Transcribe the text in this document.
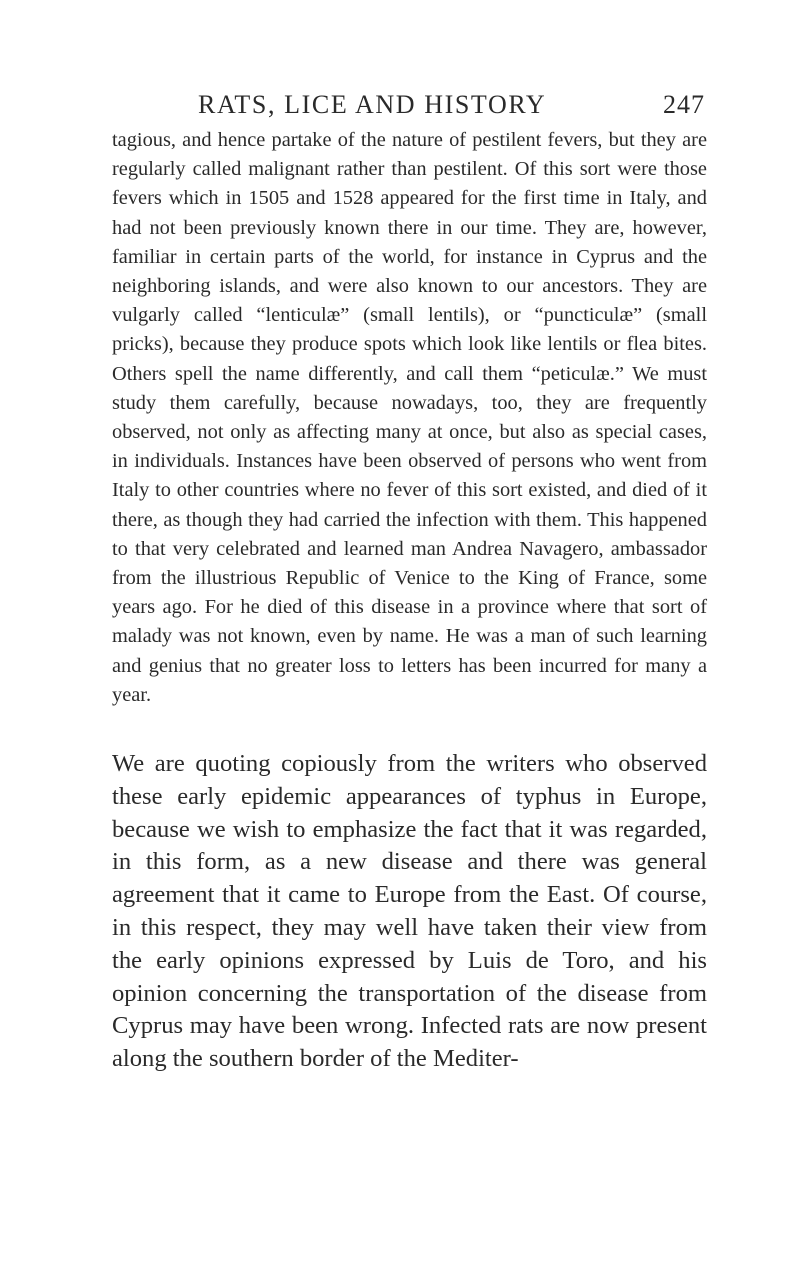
RATS, LICE AND HISTORY	247

tagious, and hence partake of the nature of pestilent fevers, but they are regularly called malignant rather than pestilent. Of this sort were those fevers which in 1505 and 1528 appeared for the first time in Italy, and had not been previously known there in our time. They are, however, familiar in certain parts of the world, for instance in Cyprus and the neighboring islands, and were also known to our ancestors. They are vulgarly called “lenticulæ” (small lentils), or “puncticulæ” (small pricks), because they produce spots which look like lentils or flea bites. Others spell the name differently, and call them “peticulæ.” We must study them carefully, because nowadays, too, they are frequently observed, not only as affecting many at once, but also as special cases, in individuals. Instances have been observed of persons who went from Italy to other countries where no fever of this sort existed, and died of it there, as though they had carried the infection with them. This happened to that very celebrated and learned man Andrea Navagero, ambassador from the illustrious Republic of Venice to the King of France, some years ago. For he died of this disease in a province where that sort of malady was not known, even by name. He was a man of such learning and genius that no greater loss to letters has been incurred for many a year.

We are quoting copiously from the writers who observed these early epidemic appearances of typhus in Europe, because we wish to emphasize the fact that it was regarded, in this form, as a new disease and there was general agreement that it came to Europe from the East. Of course, in this respect, they may well have taken their view from the early opinions expressed by Luis de Toro, and his opinion concerning the transportation of the disease from Cyprus may have been wrong. Infected rats are now present along the southern border of the Mediter-
